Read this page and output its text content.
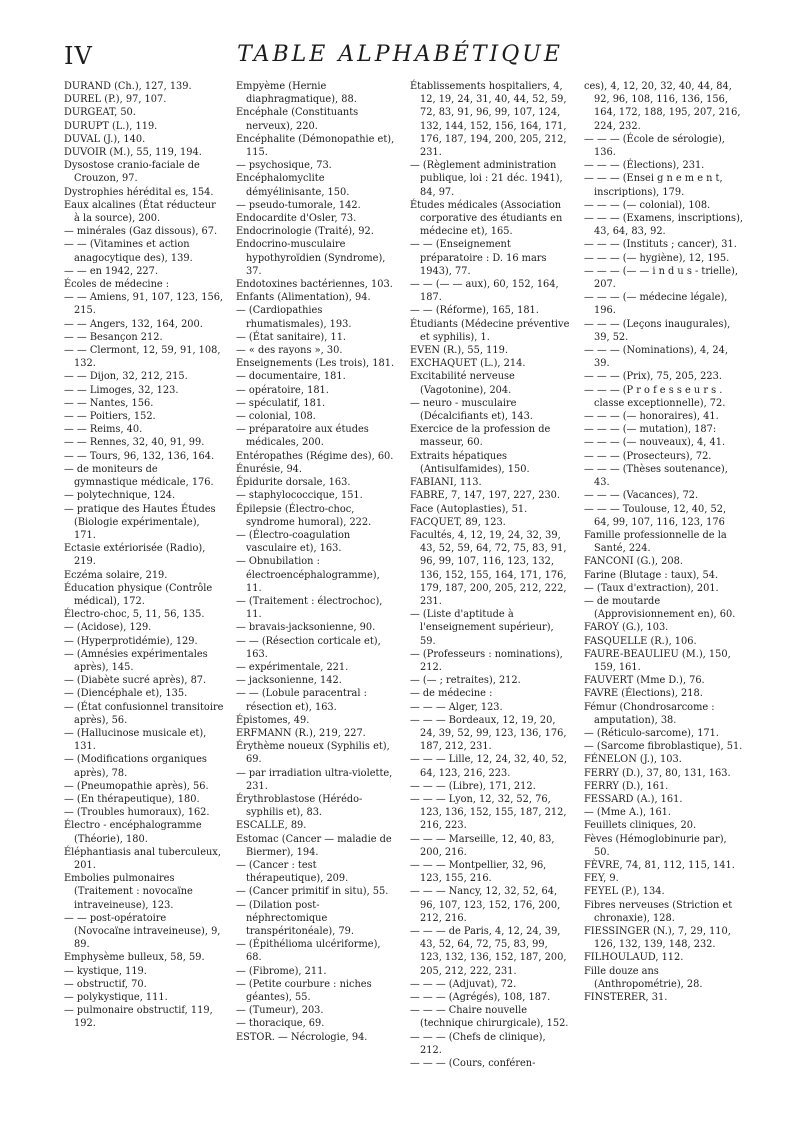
IV	TABLE ALPHABÉTIQUE

DURAND (Ch.), 127, 139.

DUREL (P.), 97, 107.

DURGEAT, 50.

DURUPT (L.), 119.

DUVAL (J.), 140.

DUVOIR (M.), 55, 119, 194.

Dysostose cranio-faciale de Crouzon, 97.

Dystrophies hérédital es, 154.

Eaux alcalines (État réducteur à la source), 200.

— minérales (Gaz dissous), 67.

— — (Vitamines et action anagocytique des), 139.

— — en 1942, 227.

Écoles de médecine :

— — Amiens, 91, 107, 123, 156, 215.

— — Angers, 132, 164, 200.

— — Besançon 212.

— — Clermont, 12, 59, 91, 108, 132.

— — Dijon, 32, 212, 215.

— — Limoges, 32, 123.

— — Nantes, 156.

— — Poitiers, 152.

— — Reims, 40.

— — Rennes, 32, 40, 91, 99.

— — Tours, 96, 132, 136, 164.

— de moniteurs de gymnastique médicale, 176.

— polytechnique, 124.

— pratique des Hautes Études (Biologie expérimentale), 171.

Ectasie extériorisée (Radio), 219.

Eczéma solaire, 219.

Éducation physique (Contrôle médical), 172.

Électro-choc, 5, 11, 56, 135.

— (Acidose), 129.

— (Hyperprotidémie), 129.

— (Amnésies expérimentales après), 145.

— (Diabète sucré après), 87.

— (Diencéphale et), 135.

— (État confusionnel transitoire après), 56.

— (Hallucinose musicale et), 131.

— (Modifications organiques après), 78.

— (Pneumopathie après), 56.

— (En thérapeutique), 180.

— (Troubles humoraux), 162.

Électro - encéphalogramme (Théorie), 180.

Éléphantiasis anal tuberculeux, 201.

Embolies pulmonaires (Traitement : novocaïne intraveineuse), 123.

— — post-opératoire (Novocaïne intraveineuse), 9, 89.

Emphysème bulleux, 58, 59.

— kystique, 119.

— obstructif, 70.

— polykystique, 111.

— pulmonaire obstructif, 119, 192.

Empyème (Hernie diaphragmatique), 88.

Encéphale (Constituants nerveux), 220.

Encéphalite (Démonopathie et), 115.

— psychosique, 73.

Encéphalomyclite démyélinisante, 150.

— pseudo-tumorale, 142.

Endocardite d'Osler, 73.

Endocrinologie (Traité), 92.

Endocrino-musculaire hypothyroïdien (Syndrome), 37.

Endotoxines bactériennes, 103.

Enfants (Alimentation), 94.

— (Cardiopathies rhumatismales), 193.

— (État sanitaire), 11.

— « des rayons », 30.

Enseignements (Les trois), 181.

— documentaire, 181.

— opératoire, 181.

— spéculatif, 181.

— colonial, 108.

— préparatoire aux études médicales, 200.

Entéropathes (Régime des), 60.

Énurésie, 94.

Épidurite dorsale, 163.

— staphylococcique, 151.

Épilepsie (Électro-choc, syndrome humoral), 222.

— (Électro-coagulation vasculaire et), 163.

— Obnubilation : électroencéphalogramme), 11.

— (Traitement : électrochoc), 11.

— bravais-jacksonienne, 90.

— — (Résection corticale et), 163.

— expérimentale, 221.

— jacksonienne, 142.

— — (Lobule paracentral : résection et), 163.

Épistomes, 49.

ERFMANN (R.), 219, 227.

Érythème noueux (Syphilis et), 69.

— par irradiation ultra-violette, 231.

Érythroblastose (Hérédo-syphilis et), 83.

ESCALLE, 89.

Estomac (Cancer — maladie de Biermer), 194.

— (Cancer : test thérapeutique), 209.

— (Cancer primitif in situ), 55.

— (Dilation post-néphrectomique transpéritonéale), 79.

— (Épithélioma ulcériforme), 68.

— (Fibrome), 211.

— (Petite courbure : niches géantes), 55.

— (Tumeur), 203.

— thoracique, 69.

ESTOR. — Nécrologie, 94.

Établissements hospitaliers, 4, 12, 19, 24, 31, 40, 44, 52, 59, 72, 83, 91, 96, 99, 107, 124, 132, 144, 152, 156, 164, 171, 176, 187, 194, 200, 205, 212, 231.

— (Règlement administration publique, loi : 21 déc. 1941), 84, 97.

Études médicales (Association corporative des étudiants en médecine et), 165.

— — (Enseignement préparatoire : D. 16 mars 1943), 77.

— — (— — aux), 60, 152, 164, 187.

— — (Réforme), 165, 181.

Étudiants (Médecine préventive et syphilis), 1.

EVEN (R.), 55, 119.

EXCHAQUET (L.), 214.

Excitabilité nerveuse (Vagotonine), 204.

— neuro - musculaire (Décalcifiants et), 143.

Exercice de la profession de masseur, 60.

Extraits hépatiques (Antisulfamides), 150.

FABIANI, 113.

FABRE, 7, 147, 197, 227, 230.

Face (Autoplasties), 51.

FACQUET, 89, 123.

Facultés, 4, 12, 19, 24, 32, 39, 43, 52, 59, 64, 72, 75, 83, 91, 96, 99, 107, 116, 123, 132, 136, 152, 155, 164, 171, 176, 179, 187, 200, 205, 212, 222, 231.

— (Liste d'aptitude à l'enseignement supérieur), 59.

— (Professeurs : nominations), 212.

— (— ; retraites), 212.

— de médecine :

— — — Alger, 123.

— — — Bordeaux, 12, 19, 20, 24, 39, 52, 99, 123, 136, 176, 187, 212, 231.

— — — Lille, 12, 24, 32, 40, 52, 64, 123, 216, 223.

— — — (Libre), 171, 212.

— — — Lyon, 12, 32, 52, 76, 123, 136, 152, 155, 187, 212, 216, 223.

— — — Marseille, 12, 40, 83, 200, 216.

— — — Montpellier, 32, 96, 123, 155, 216.

— — — Nancy, 12, 32, 52, 64, 96, 107, 123, 152, 176, 200, 212, 216.

— — — de Paris, 4, 12, 24, 39, 43, 52, 64, 72, 75, 83, 99, 123, 132, 136, 152, 187, 200, 205, 212, 222, 231.

— — — (Adjuvat), 72.

— — — (Agrégés), 108, 187.

— — — Chaire nouvelle (technique chirurgicale), 152.

— — — (Chefs de clinique), 212.

— — — (Cours, conféren-

ces), 4, 12, 20, 32, 40, 44, 84, 92, 96, 108, 116, 136, 156, 164, 172, 188, 195, 207, 216, 224, 232.

— — — (École de sérologie), 136.

— — — (Élections), 231.

— — — (Ensei g n e m e n t, inscriptions), 179.

— — — (— colonial), 108.

— — — (Examens, inscriptions), 43, 64, 83, 92.

— — — (Instituts ; cancer), 31.

— — — (— hygiène), 12, 195.

— — — (— — i n d u s - trielle), 207.

— — — (— médecine légale), 196.

— — — (Leçons inaugurales), 39, 52.

— — — (Nominations), 4, 24, 39.

— — — (Prix), 75, 205, 223.

— — — (P r o f e s s e u r s . classe exceptionnelle), 72.

— — — (— honoraires), 41.

— — — (— mutation), 187:

— — — (— nouveaux), 4, 41.

— — — (Prosecteurs), 72.

— — — (Thèses soutenance), 43.

— — — (Vacances), 72.

— — — Toulouse, 12, 40, 52, 64, 99, 107, 116, 123, 176

Famille professionnelle de la Santé, 224.

FANCONI (G.), 208.

Farine (Blutage : taux), 54.

— (Taux d'extraction), 201.

— de moutarde (Approvisionnement en), 60.

FAROY (G.), 103.

FASQUELLE (R.), 106.

FAURE-BEAULIEU (M.), 150, 159, 161.

FAUVERT (Mme D.), 76.

FAVRE (Élections), 218.

Fémur (Chondrosarcome : amputation), 38.

— (Réticulo-sarcome), 171.

— (Sarcome fibroblastique), 51.

FÉNELON (J.), 103.

FERRY (D.), 37, 80, 131, 163.

FERRY (D.), 161.

FESSARD (A.), 161.

— (Mme A.), 161.

Feuillets cliniques, 20.

Fèves (Hémoglobinurie par), 50.

FÈVRE, 74, 81, 112, 115, 141.

FEY, 9.

FEYEL (P.), 134.

Fibres nerveuses (Striction et chronaxie), 128.

FIESSINGER (N.), 7, 29, 110, 126, 132, 139, 148, 232.

FILHOULAUD, 112.

Fille douze ans (Anthropométrie), 28.

FINSTERER, 31.
